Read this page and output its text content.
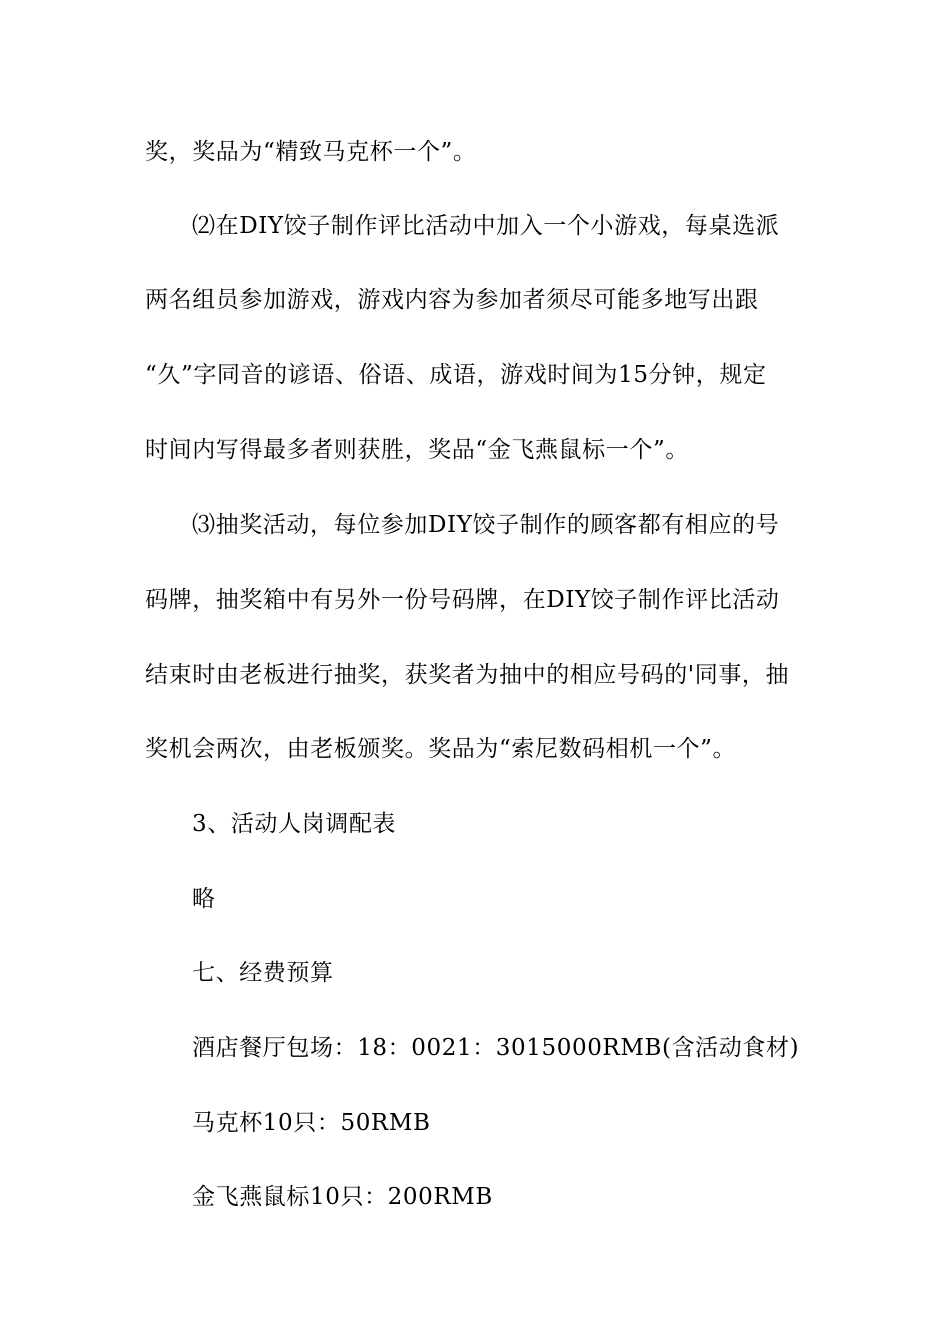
奖，奖品为“精致马克杯一个”。
⑵在DIY饺子制作评比活动中加入一个小游戏，每桌选派
两名组员参加游戏，游戏内容为参加者须尽可能多地写出跟
“久”字同音的谚语、俗语、成语，游戏时间为15分钟，规定
时间内写得最多者则获胜，奖品“金飞燕鼠标一个”。
⑶抽奖活动，每位参加DIY饺子制作的顾客都有相应的号
码牌，抽奖箱中有另外一份号码牌，在DIY饺子制作评比活动
结束时由老板进行抽奖，获奖者为抽中的相应号码的'同事，抽
奖机会两次，由老板颁奖。奖品为“索尼数码相机一个”。
3、活动人岗调配表
略
七、经费预算
酒店餐厅包场：18：0021：3015000RMB(含活动食材)
马克杯10只：50RMB
金飞燕鼠标10只：200RMB
